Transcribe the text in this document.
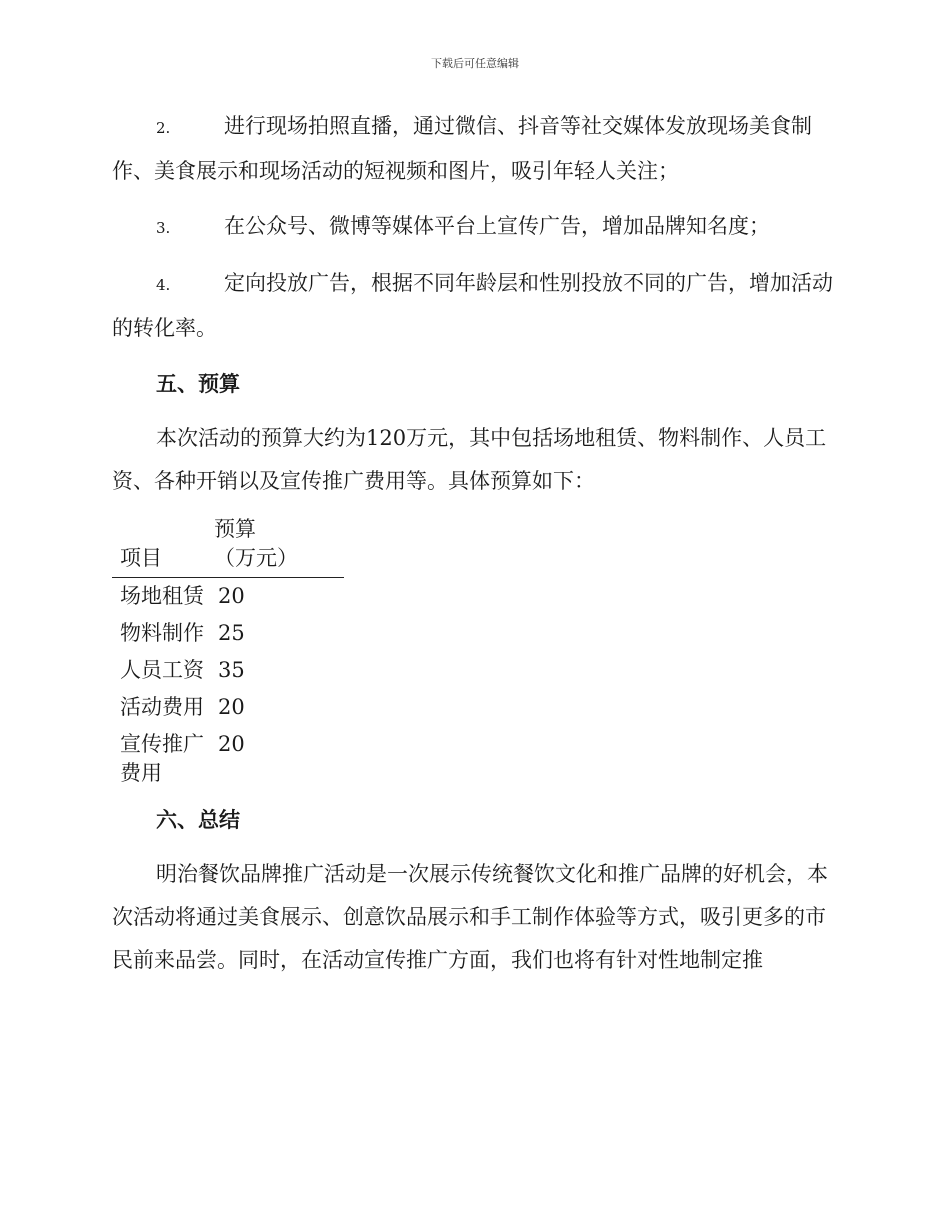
下载后可任意编辑

2.	进行现场拍照直播，通过微信、抖音等社交媒体发放现场美食制作、美食展示和现场活动的短视频和图片，吸引年轻人关注；

3.	在公众号、微博等媒体平台上宣传广告，增加品牌知名度；

4.	定向投放广告，根据不同年龄层和性别投放不同的广告，增加活动的转化率。

五、预算

本次活动的预算大约为120万元，其中包括场地租赁、物料制作、人员工资、各种开销以及宣传推广费用等。具体预算如下：

项目	预算（万元）	
场地租赁	20	
物料制作	25	
人员工资	35	
活动费用	20	
宣传推广费用	20	
六、总结

明治餐饮品牌推广活动是一次展示传统餐饮文化和推广品牌的好机会，本次活动将通过美食展示、创意饮品展示和手工制作体验等方式，吸引更多的市民前来品尝。同时，在活动宣传推广方面，我们也将有针对性地制定推
